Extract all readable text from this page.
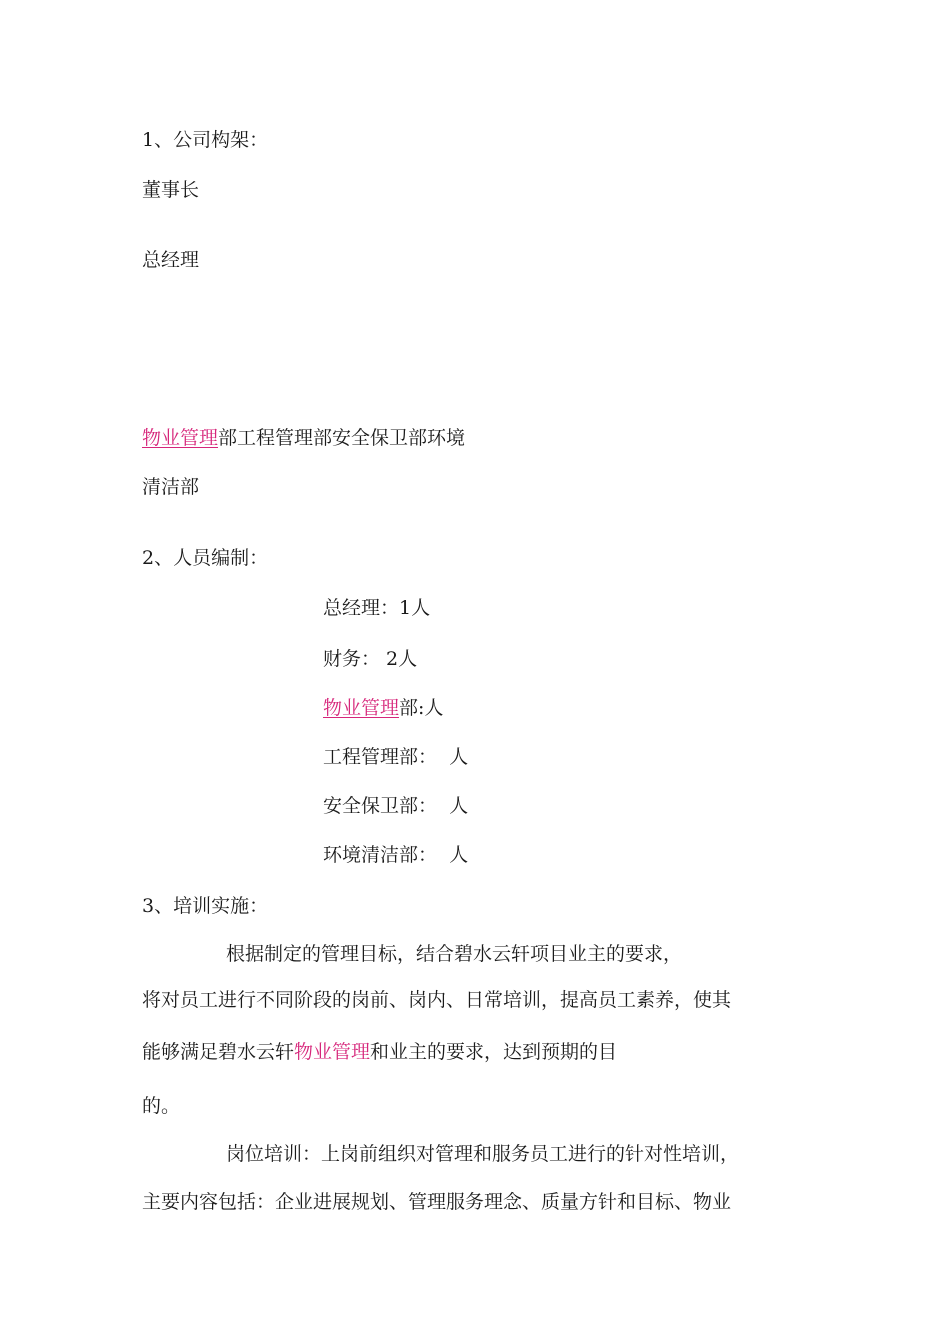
1、公司构架：
董事长
总经理
物业管理部工程管理部安全保卫部环境
清洁部
2、人员编制：
总经理：1人
财务： 2人
物业管理部:人
工程管理部：  人
安全保卫部：  人
环境清洁部：  人
3、培训实施：
根据制定的管理目标，结合碧水云轩项目业主的要求，
将对员工进行不同阶段的岗前、岗内、日常培训，提高员工素养，使其
能够满足碧水云轩物业管理和业主的要求，达到预期的目
的。
岗位培训：上岗前组织对管理和服务员工进行的针对性培训，
主要内容包括：企业进展规划、管理服务理念、质量方针和目标、物业
